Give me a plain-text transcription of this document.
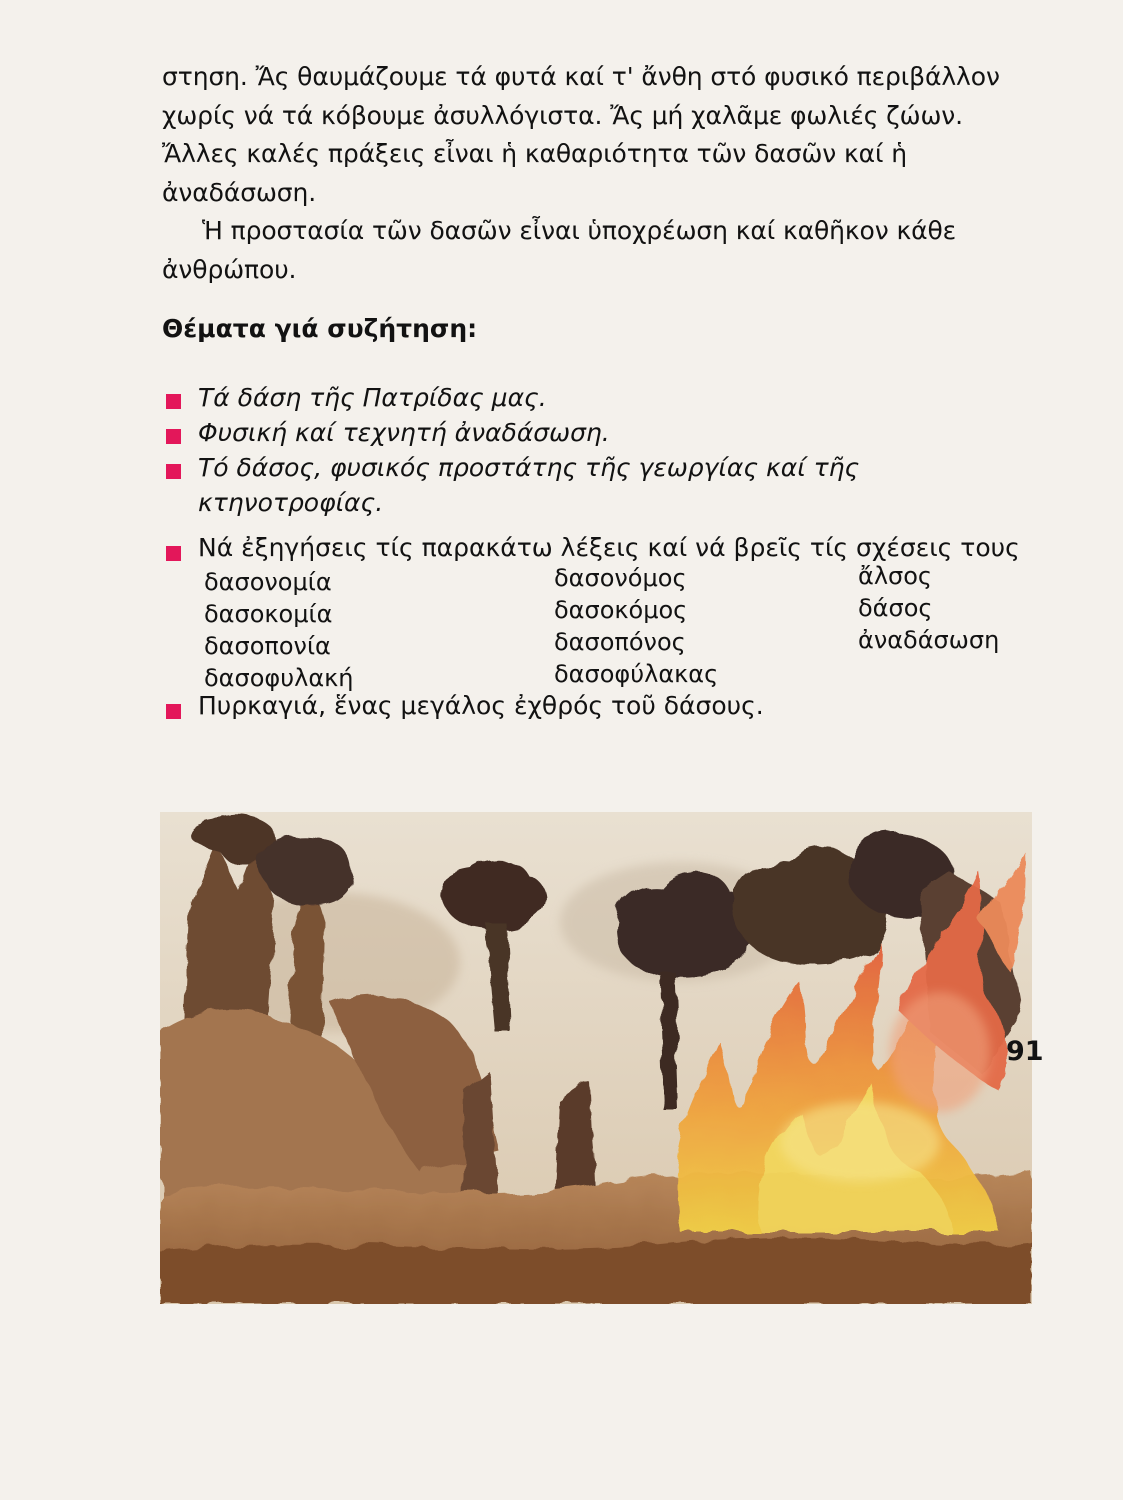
στηση. Ἄς θαυμάζουμε τά φυτά καί τ' ἄνθη στό φυσικό περιβάλλον χωρίς νά τά κόβουμε ἀσυλλόγιστα. Ἄς μή χαλᾶμε φωλιές ζώων. Ἄλλες καλές πράξεις εἶναι ἡ καθαριότητα τῶν δασῶν καί ἡ ἀναδάσωση.

Ἡ προστασία τῶν δασῶν εἶναι ὑποχρέωση καί καθῆκον κάθε ἀνθρώπου.

Θέματα γιά συζήτηση:
Τά δάση τῆς Πατρίδας μας.
Φυσική καί τεχνητή ἀναδάσωση.
Τό δάσος, φυσικός προστάτης τῆς γεωργίας καί τῆς κτηνοτροφίας.
Νά ἐξηγήσεις τίς παρακάτω λέξεις καί νά βρεῖς τίς σχέσεις τους
Πυρκαγιά, ἕνας μεγάλος ἐχθρός τοῦ δάσους.
δασονομία
δασοκομία
δασοπονία
δασοφυλακή
δασονόμος
δασοκόμος
δασοπόνος
δασοφύλακας
ἄλσος
δάσος
ἀναδάσωση
91
